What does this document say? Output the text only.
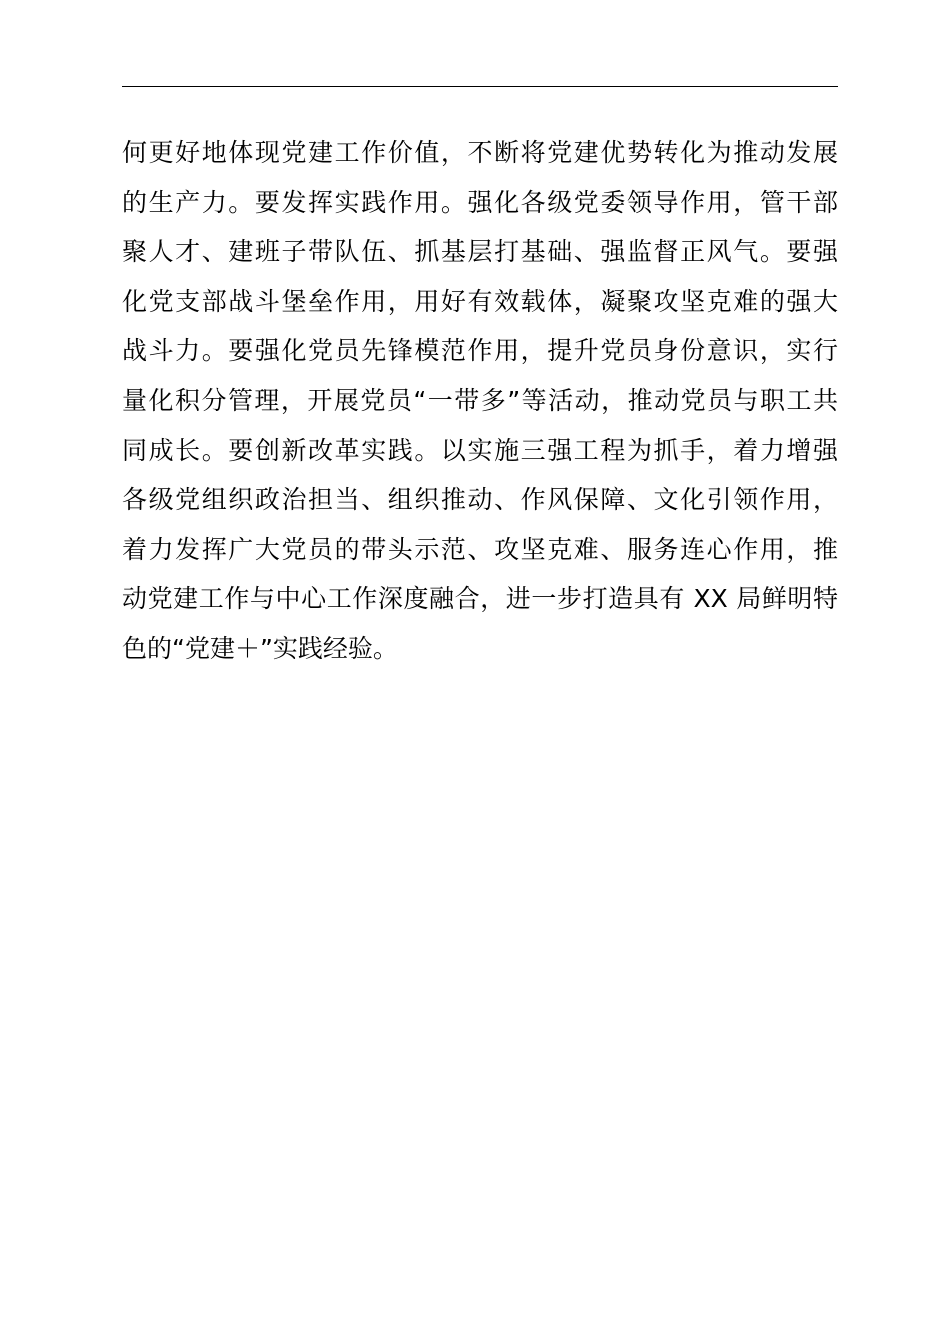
何更好地体现党建工作价值，不断将党建优势转化为推动发展
的生产力。要发挥实践作用。强化各级党委领导作用，管干部
聚人才、建班子带队伍、抓基层打基础、强监督正风气。要强
化党支部战斗堡垒作用，用好有效载体，凝聚攻坚克难的强大
战斗力。要强化党员先锋模范作用，提升党员身份意识，实行
量化积分管理，开展党员“一带多”等活动，推动党员与职工共
同成长。要创新改革实践。以实施三强工程为抓手，着力增强
各级党组织政治担当、组织推动、作风保障、文化引领作用，
着力发挥广大党员的带头示范、攻坚克难、服务连心作用，推
动党建工作与中心工作深度融合，进一步打造具有 XX 局鲜明特
色的“党建＋”实践经验。
